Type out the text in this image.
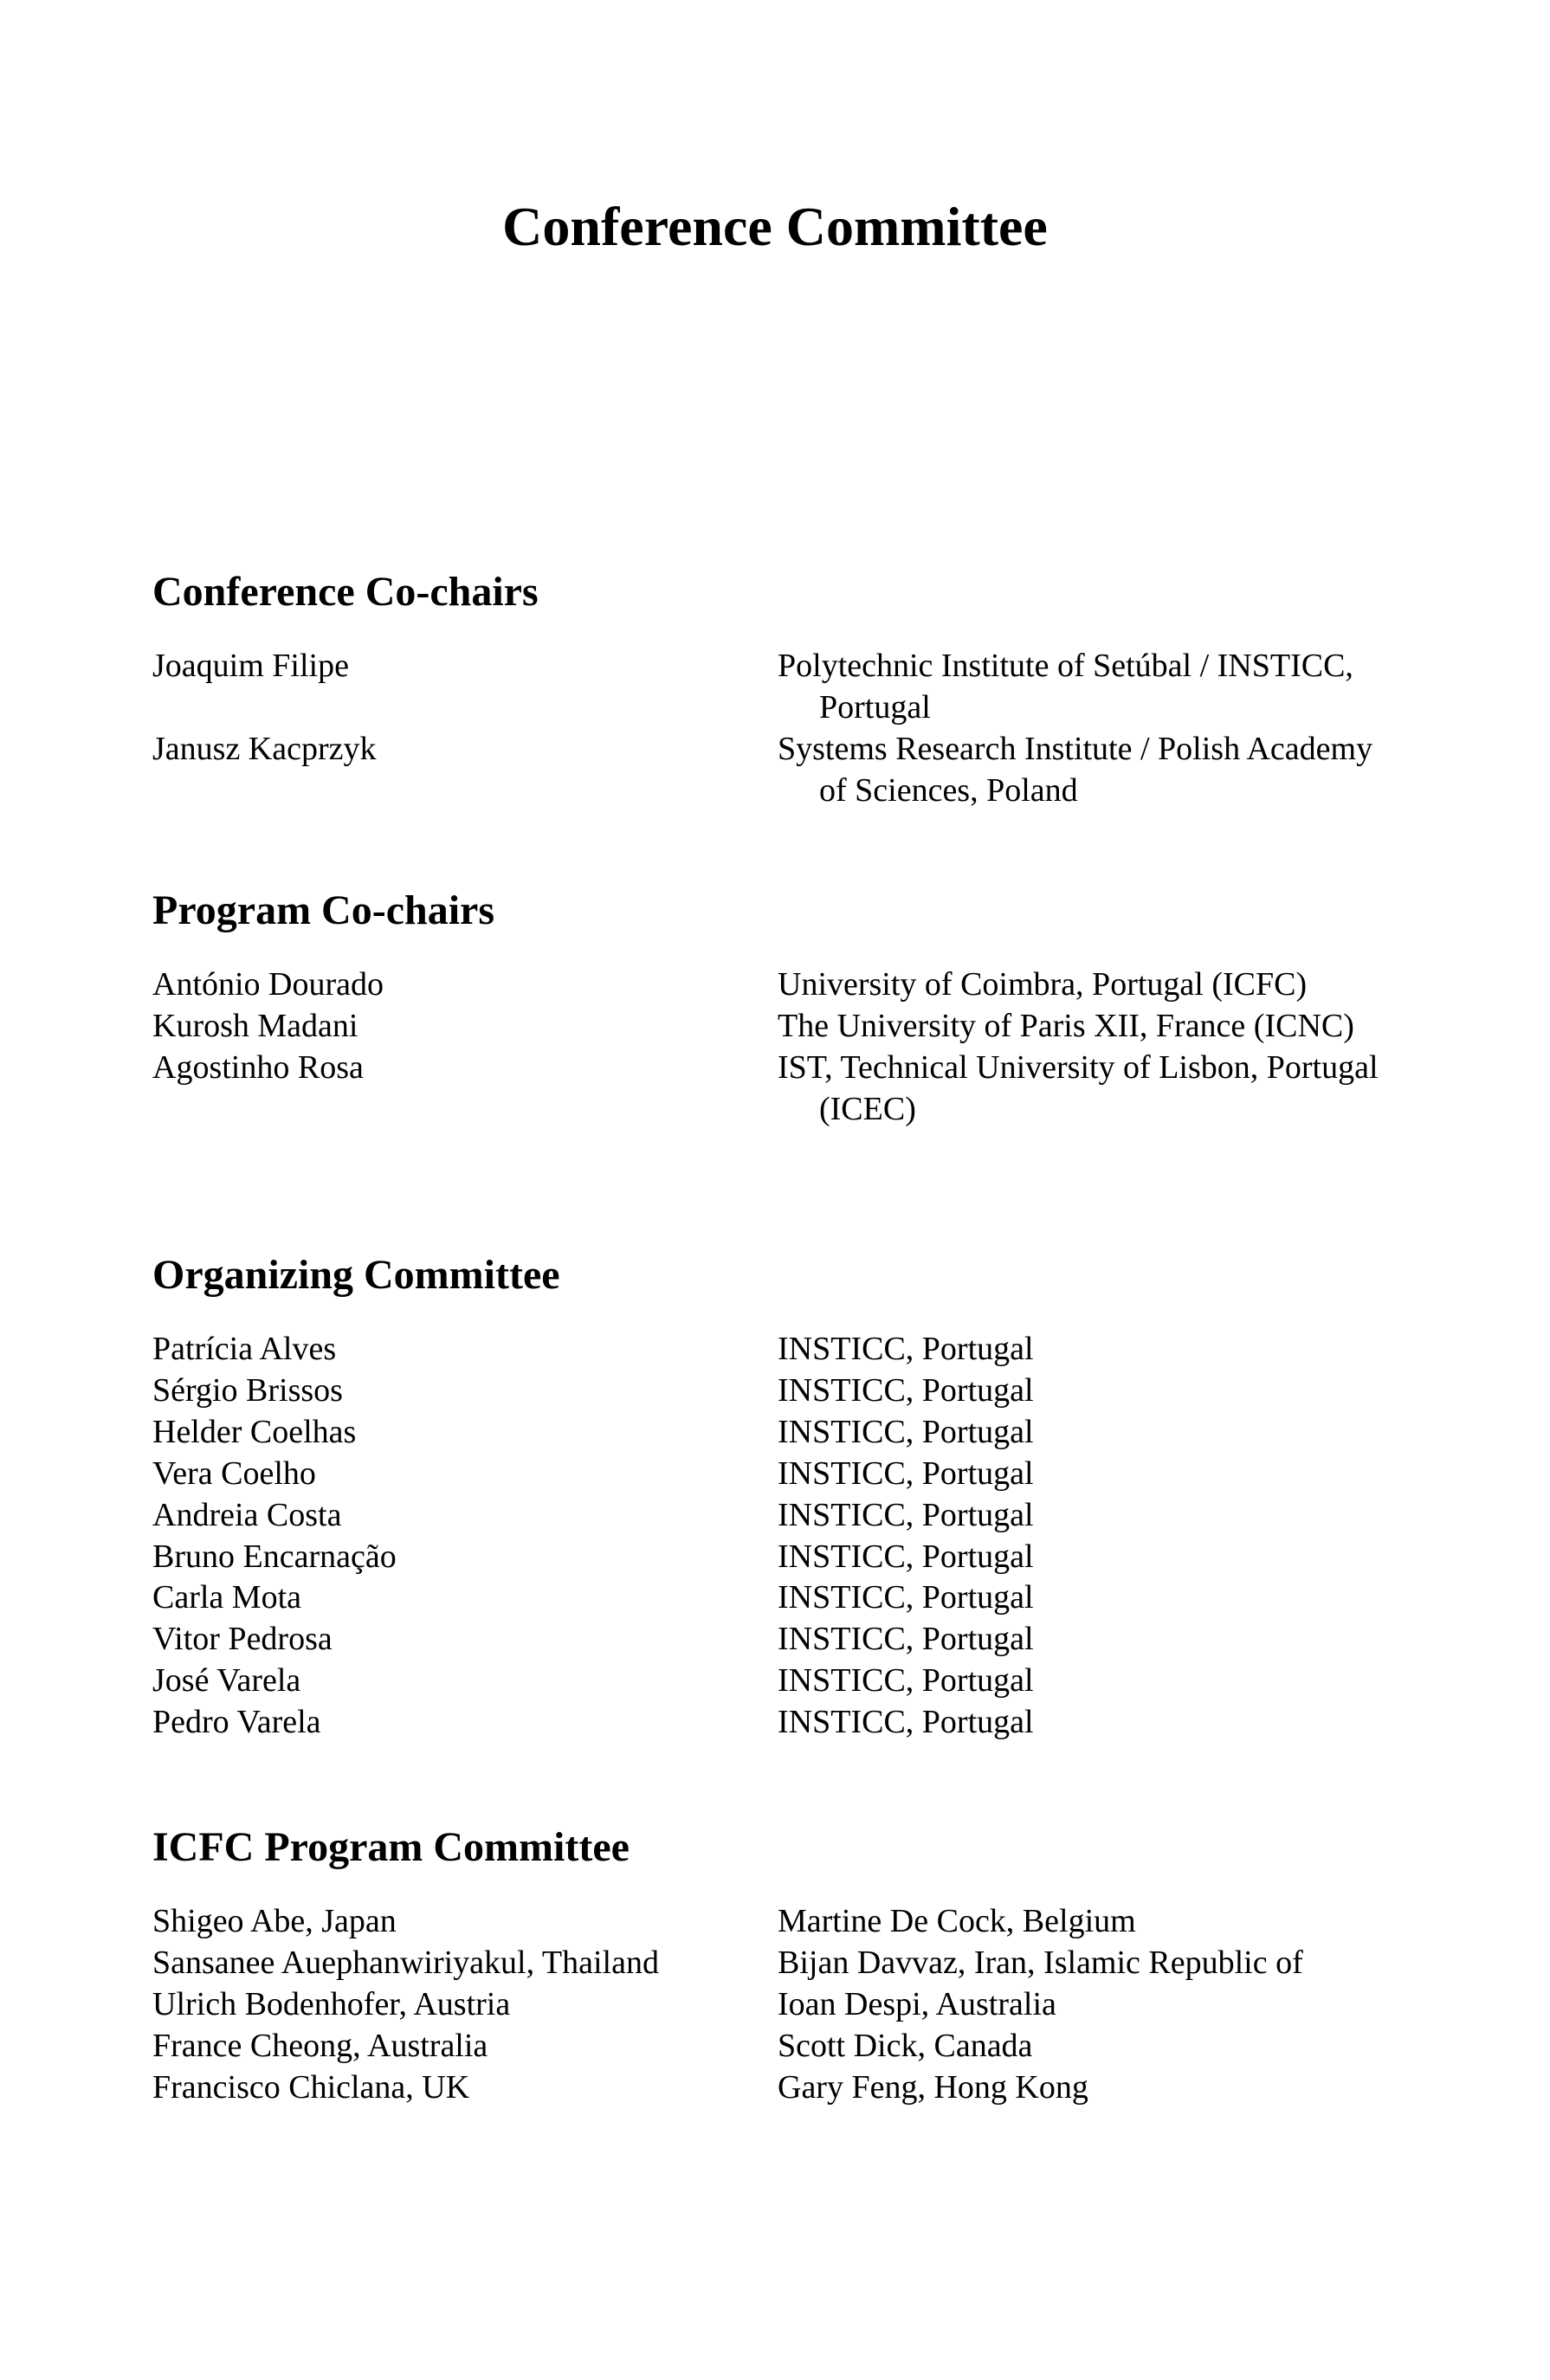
Conference Committee
Conference Co-chairs
Joaquim Filipe	Polytechnic Institute of Setúbal / INSTICC, Portugal
Janusz Kacprzyk	Systems Research Institute / Polish Academy of Sciences, Poland
Program Co-chairs
António Dourado	University of Coimbra, Portugal (ICFC)
Kurosh Madani	The University of Paris XII, France (ICNC)
Agostinho Rosa	IST, Technical University of Lisbon, Portugal (ICEC)
Organizing Committee
Patrícia Alves	INSTICC, Portugal
Sérgio Brissos	INSTICC, Portugal
Helder Coelhas	INSTICC, Portugal
Vera Coelho	INSTICC, Portugal
Andreia Costa	INSTICC, Portugal
Bruno Encarnação	INSTICC, Portugal
Carla Mota	INSTICC, Portugal
Vitor Pedrosa	INSTICC, Portugal
José Varela	INSTICC, Portugal
Pedro Varela	INSTICC, Portugal
ICFC Program Committee
Shigeo Abe, Japan	Martine De Cock, Belgium
Sansanee Auephanwiriyakul, Thailand	Bijan Davvaz, Iran, Islamic Republic of
Ulrich Bodenhofer, Austria	Ioan Despi, Australia
France Cheong, Australia	Scott Dick, Canada
Francisco Chiclana, UK	Gary Feng, Hong Kong
